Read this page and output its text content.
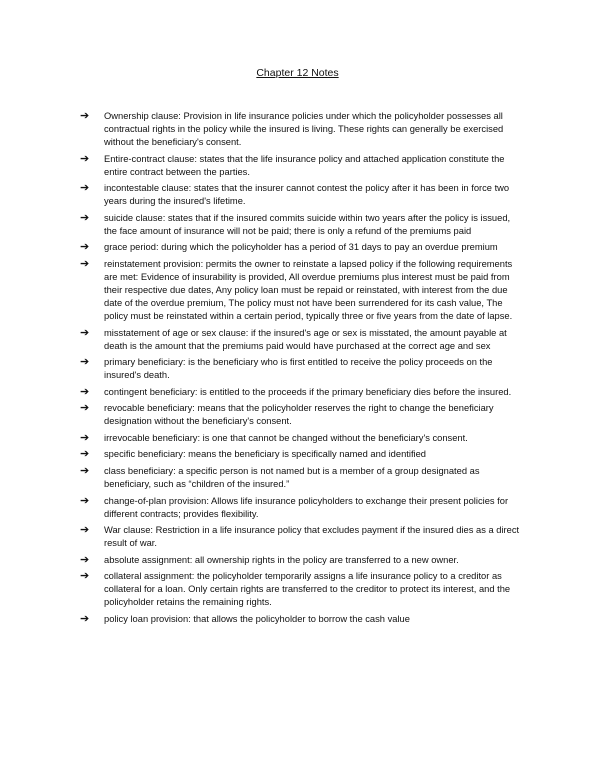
Chapter 12 Notes
➔ Ownership clause: Provision in life insurance policies under which the policyholder possesses all contractual rights in the policy while the insured is living. These rights can generally be exercised without the beneficiary's consent.
➔ Entire-contract clause: states that the life insurance policy and attached application constitute the entire contract between the parties.
➔ incontestable clause: states that the insurer cannot contest the policy after it has been in force two years during the insured's lifetime.
➔ suicide clause: states that if the insured commits suicide within two years after the policy is issued, the face amount of insurance will not be paid; there is only a refund of the premiums paid
➔ grace period: during which the policyholder has a period of 31 days to pay an overdue premium
➔ reinstatement provision: permits the owner to reinstate a lapsed policy if the following requirements are met: Evidence of insurability is provided, All overdue premiums plus interest must be paid from their respective due dates, Any policy loan must be repaid or reinstated, with interest from the due date of the overdue premium, The policy must not have been surrendered for its cash value, The policy must be reinstated within a certain period, typically three or five years from the date of lapse.
➔ misstatement of age or sex clause: if the insured's age or sex is misstated, the amount payable at death is the amount that the premiums paid would have purchased at the correct age and sex
➔ primary beneficiary: is the beneficiary who is first entitled to receive the policy proceeds on the insured's death.
➔ contingent beneficiary: is entitled to the proceeds if the primary beneficiary dies before the insured.
➔ revocable beneficiary: means that the policyholder reserves the right to change the beneficiary designation without the beneficiary's consent.
➔ irrevocable beneficiary: is one that cannot be changed without the beneficiary's consent.
➔ specific beneficiary: means the beneficiary is specifically named and identified
➔ class beneficiary: a specific person is not named but is a member of a group designated as beneficiary, such as “children of the insured.”
➔ change-of-plan provision: Allows life insurance policyholders to exchange their present policies for different contracts; provides flexibility.
➔ War clause: Restriction in a life insurance policy that excludes payment if the insured dies as a direct result of war.
➔ absolute assignment: all ownership rights in the policy are transferred to a new owner.
➔ collateral assignment: the policyholder temporarily assigns a life insurance policy to a creditor as collateral for a loan. Only certain rights are transferred to the creditor to protect its interest, and the policyholder retains the remaining rights.
➔ policy loan provision: that allows the policyholder to borrow the cash value
